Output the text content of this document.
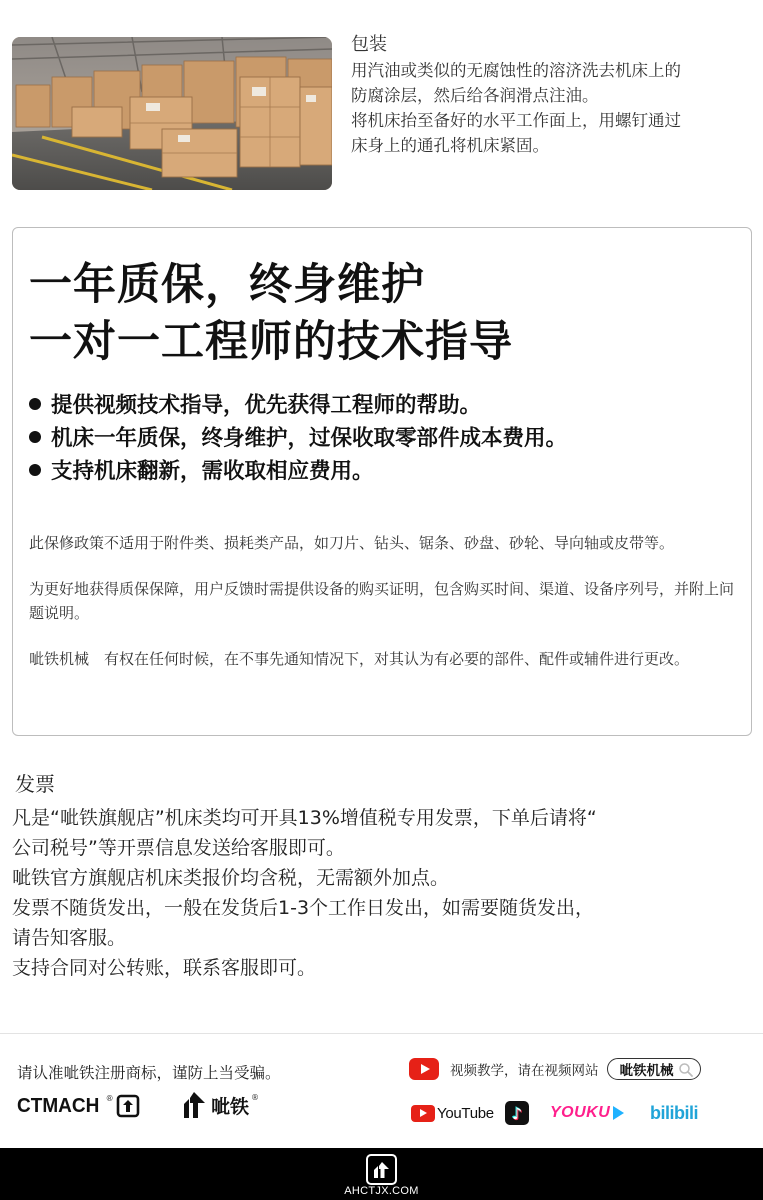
包装
用汽油或类似的无腐蚀性的溶济洗去机床上的
防腐涂层，然后给各润滑点注油。
将机床抬至备好的水平工作面上，用螺钉通过
床身上的通孔将机床紧固。
一年质保，终身维护
一对一工程师的技术指导
提供视频技术指导，优先获得工程师的帮助。
机床一年质保，终身维护，过保收取零部件成本费用。
支持机床翻新，需收取相应费用。

此保修政策不适用于附件类、损耗类产品，如刀片、钻头、锯条、砂盘、砂轮、导向轴或皮带等。

为更好地获得质保保障，用户反馈时需提供设备的购买证明，包含购买时间、渠道、设备序列号，并附上问题说明。

呲铁机械　有权在任何时候，在不事先通知情况下，对其认为有必要的部件、配件或辅件进行更改。

发票
凡是“呲铁旗舰店”机床类均可开具13%增值税专用发票，下单后请将“
公司税号”等开票信息发送给客服即可。
呲铁官方旗舰店机床类报价均含税，无需额外加点。
发票不随货发出，一般在发货后1-3个工作日发出，如需要随货发出，
请告知客服。
支持合同对公转账，联系客服即可。
请认准呲铁注册商标，谨防上当受骗。
CTMACH ®	呲铁 ®
视频教学，请在视频网站 呲铁机械
YouTube	♪	YOUKU bilibili
AHCTJX.COM
